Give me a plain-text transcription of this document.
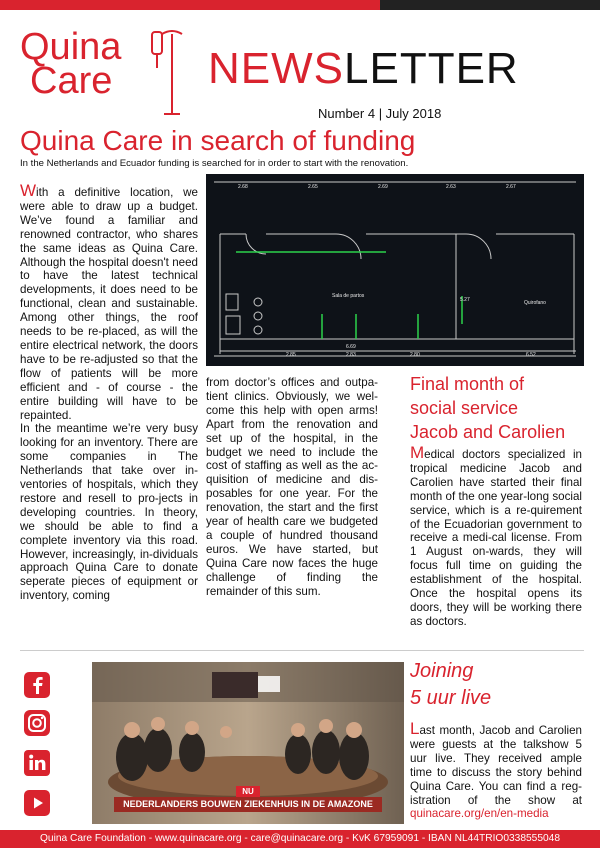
Quina
Care NEWSLETTER
Number 4 | July 2018
Quina Care in search of funding
In the Netherlands and Ecuador funding is searched for in order to start with the renovation.

With a definitive location, we were able to draw up a budget. We’ve found a familiar and renowned contractor, who shares the same ideas as Quina Care. Although the hospital doesn't need to have the latest technical developments, it does need to be functional, clean and sustainable. Among other things, the roof needs to be re-placed, as will the entire electrical network, the doors have to be re-adjusted so that the flow of patients will be more efficient and - of course - the entire building will have to be repainted.

In the meantime we’re very busy looking for an inventory. There are some companies in The Netherlands that take over in-ventories of hospitals, which they restore and resell to pro-jects in developing countries. In theory, we should be able to find a complete inventory via this road. However, increasingly, in-dividuals approach Quina Care to donate seperate pieces of equipment or inventory, coming

2.68	2.65	2.69	2.63	2.67
2.85	2.83	2.80	6.52
6.69
5.27
Sala de partos
Quirofano
from doctor’s offices and outpa-tient clinics. Obviously, we wel-come this help with open arms! Apart from the renovation and set up of the hospital, in the budget we need to include the cost of staffing as well as the ac-quisition of medicine and dis-posables for one year. For the renovation, the start and the first year of health care we budgeted a couple of hundred thousand euros. We have started, but Quina Care now faces the huge challenge of finding the remainder of this sum.
Final month of
social service
Jacob and Carolien
Medical doctors specialized in tropical medicine Jacob and Carolien have started their final month of the one year-long social service, which is a re-quirement of the Ecuadorian government to receive a medi-cal license. From 1 August on-wards, they will focus full time on guiding the establishment of the hospital. Once the hospital opens its doors, they will be working there as doctors.
NU
NEDERLANDERS BOUWEN ZIEKENHUIS IN DE AMAZONE
Joining
5 uur live
Last month, Jacob and Carolien were guests at the talkshow 5 uur live. They received ample time to discuss the story behind Quina Care. You can find a reg-istration of the show at quinacare.org/en/en-media
Quina Care Foundation - www.quinacare.org - care@quinacare.org - KvK 67959091 - IBAN NL44TRIO0338555048
